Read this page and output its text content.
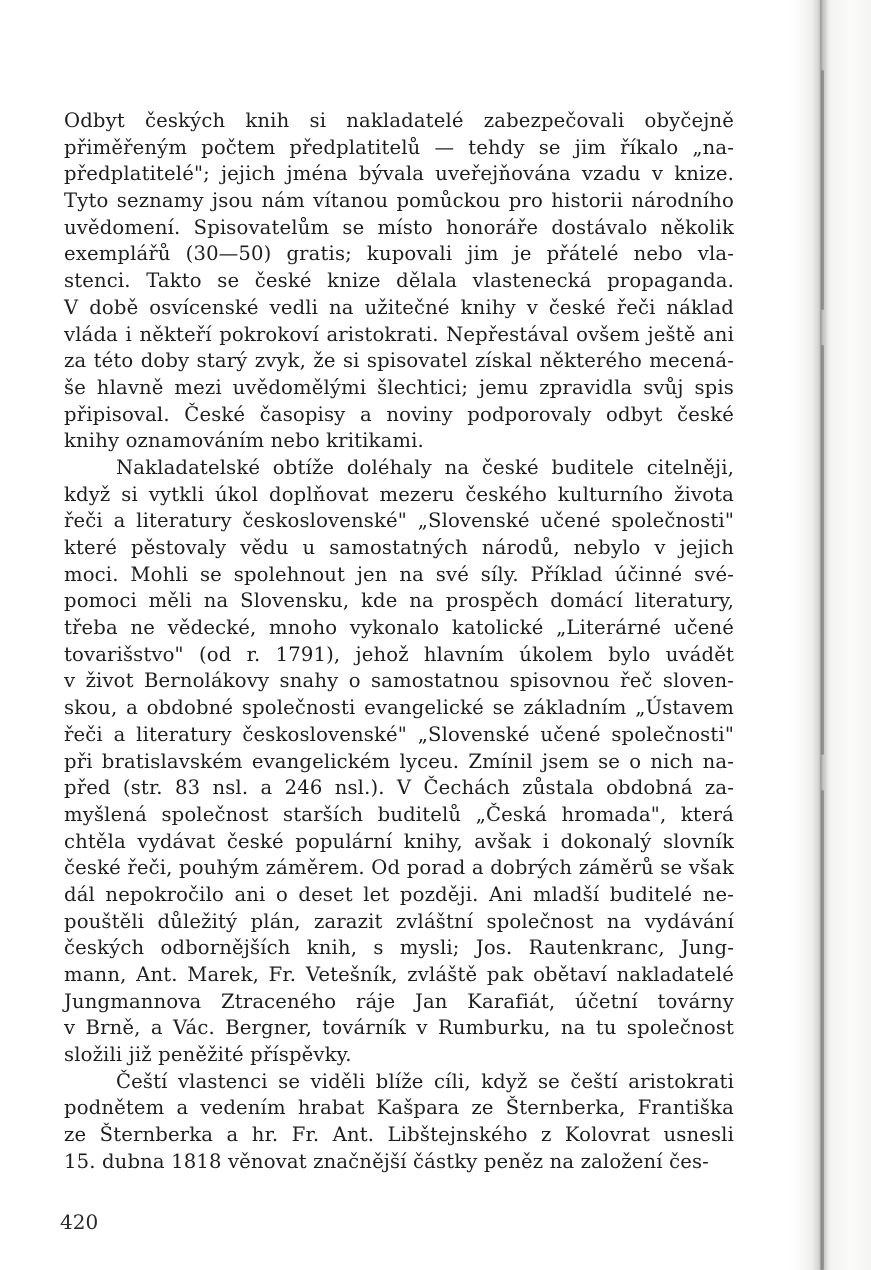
Odbyt českých knih si nakladatelé zabezpečovali obyčejně
přiměřeným počtem předplatitelů — tehdy se jim říkalo „na-
předplatitelé"; jejich jména bývala uveřejňována vzadu v knize.
Tyto seznamy jsou nám vítanou pomůckou pro historii národního
uvědomení. Spisovatelům se místo honoráře dostávalo několik
exemplářů (30—50) gratis; kupovali jim je přátelé nebo vla-
stenci. Takto se české knize dělala vlastenecká propaganda.
V době osvícenské vedli na užitečné knihy v české řeči náklad
vláda i někteří pokrokoví aristokrati. Nepřestával ovšem ještě ani
za této doby starý zvyk, že si spisovatel získal některého mecená-
še hlavně mezi uvědomělými šlechtici; jemu zpravidla svůj spis
připisoval. České časopisy a noviny podporovaly odbyt české
knihy oznamováním nebo kritikami.
Nakladatelské obtíže doléhaly na české buditele citelněji,
když si vytkli úkol doplňovat mezeru českého kulturního života
řeči a literatury československé" „Slovenské učené společnosti"
které pěstovaly vědu u samostatných národů, nebylo v jejich
moci. Mohli se spolehnout jen na své síly. Příklad účinné své-
pomoci měli na Slovensku, kde na prospěch domácí literatury,
třeba ne vědecké, mnoho vykonalo katolické „Literárné učené
tovarišstvo" (od r. 1791), jehož hlavním úkolem bylo uvádět
v život Bernolákovy snahy o samostatnou spisovnou řeč sloven-
skou, a obdobné společnosti evangelické se základním „Ústavem
řeči a literatury československé" „Slovenské učené společnosti"
při bratislavském evangelickém lyceu. Zmínil jsem se o nich na-
před (str. 83 nsl. a 246 nsl.). V Čechách zůstala obdobná za-
myšlená společnost starších buditelů „Česká hromada", která
chtěla vydávat české populární knihy, avšak i dokonalý slovník
české řeči, pouhým záměrem. Od porad a dobrých záměrů se však
dál nepokročilo ani o deset let později. Ani mladší buditelé ne-
pouštěli důležitý plán, zarazit zvláštní společnost na vydávání
českých odbornějších knih, s mysli; Jos. Rautenkranc, Jung-
mann, Ant. Marek, Fr. Vetešník, zvláště pak obětaví nakladatelé
Jungmannova Ztraceného ráje Jan Karafiát, účetní továrny
v Brně, a Vác. Bergner, továrník v Rumburku, na tu společnost
složili již peněžité příspěvky.
Čeští vlastenci se viděli blíže cíli, když se čeští aristokrati
podnětem a vedením hrabat Kašpara ze Šternberka, Františka
ze Šternberka a hr. Fr. Ant. Libštejnského z Kolovrat usnesli
15. dubna 1818 věnovat značnější částky peněz na založení čes-
420
